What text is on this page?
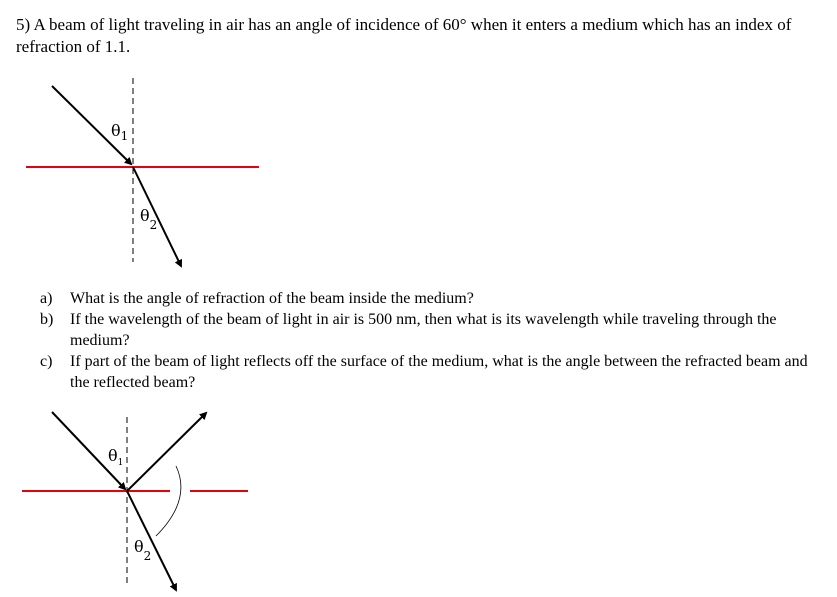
5) A beam of light traveling in air has an angle of incidence of 60° when it enters a medium which has an index of refraction of 1.1.
$\theta_1$
$\theta_2$
$\theta_1$
$\theta_2$
a)	What is the angle of refraction of the beam inside the medium?
b)	If the wavelength of the beam of light in air is 500 nm, then what is its wavelength while traveling through the medium?
c)	If part of the beam of light reflects off the surface of the medium, what is the angle between the refracted beam and the reflected beam?
